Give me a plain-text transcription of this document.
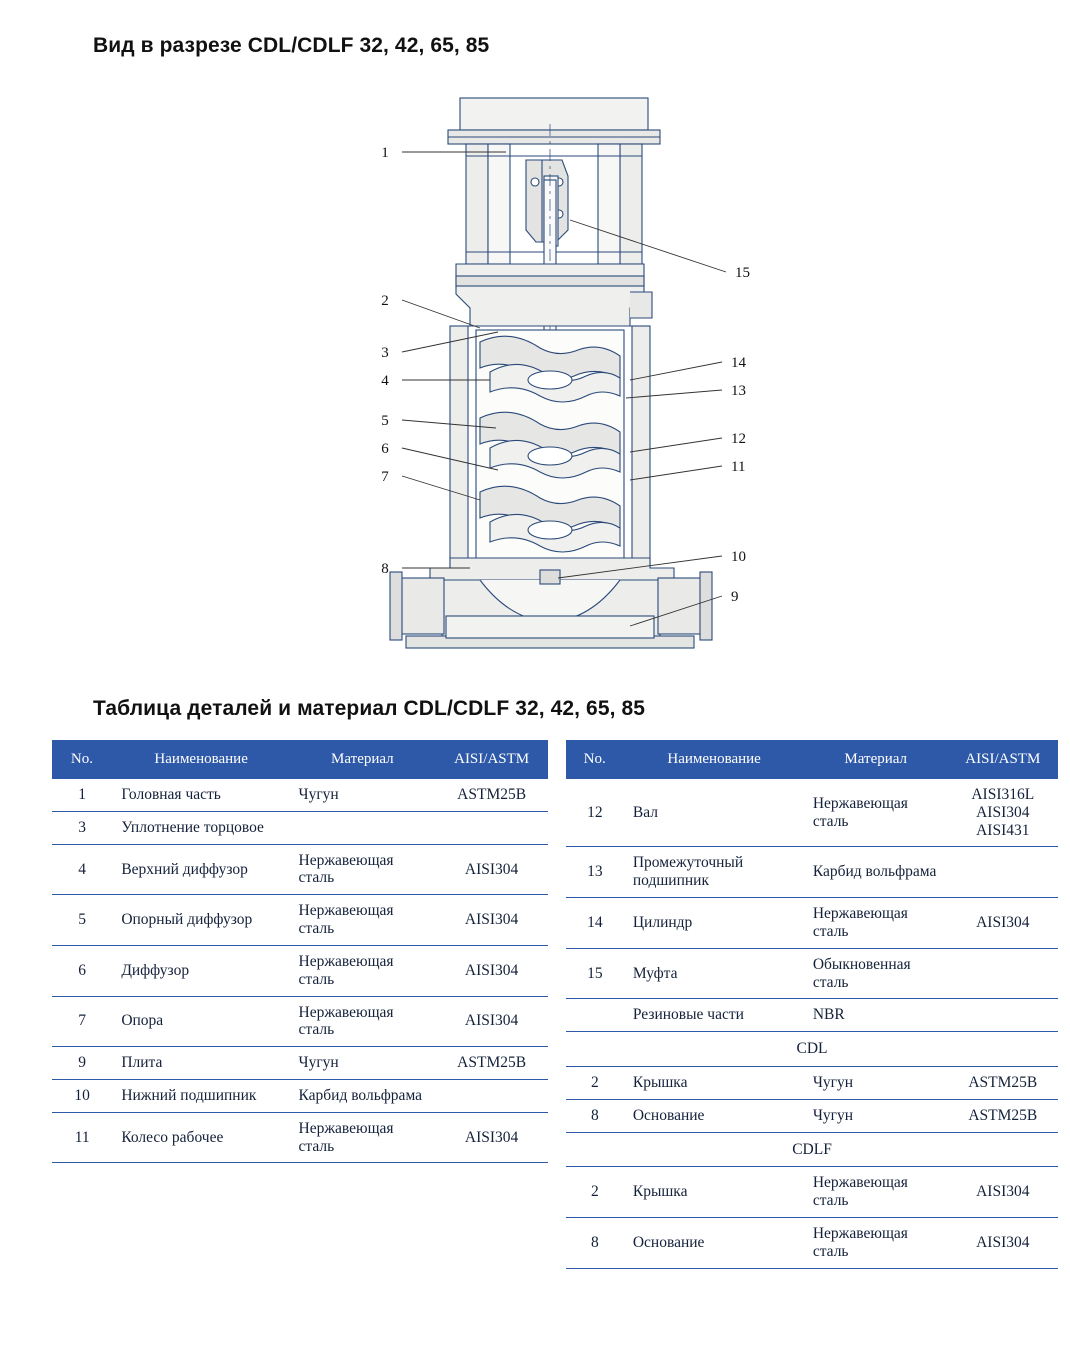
Вид в разрезе CDL/CDLF 32, 42, 65, 85
1
2
3
4
5
6
7
8
15
14
13
12
11
10
9
Таблица деталей и материал CDL/CDLF 32, 42, 65, 85
No.	Наименование	Материал	AISI/ASTM
1	Головная часть	Чугун	ASTM25B
3	Уплотнение торцовое		
4	Верхний диффузор	Нержавеющая сталь	AISI304
5	Опорный диффузор	Нержавеющая сталь	AISI304
6	Диффузор	Нержавеющая сталь	AISI304
7	Опора	Нержавеющая сталь	AISI304
9	Плита	Чугун	ASTM25B
10	Нижний подшипник	Карбид вольфрама	
11	Колесо рабочее	Нержавеющая сталь	AISI304
No.	Наименование	Материал	AISI/ASTM
12	Вал	Нержавеющая сталь	AISI316L AISI304 AISI431
13	Промежуточный подшипник	Карбид вольфрама	
14	Цилиндр	Нержавеющая сталь	AISI304
15	Муфта	Обыкновенная сталь	
	Резиновые части	NBR	
CDL			
2	Крышка	Чугун	ASTM25B
8	Основание	Чугун	ASTM25B
CDLF			
2	Крышка	Нержавеющая сталь	AISI304
8	Основание	Нержавеющая сталь	AISI304
